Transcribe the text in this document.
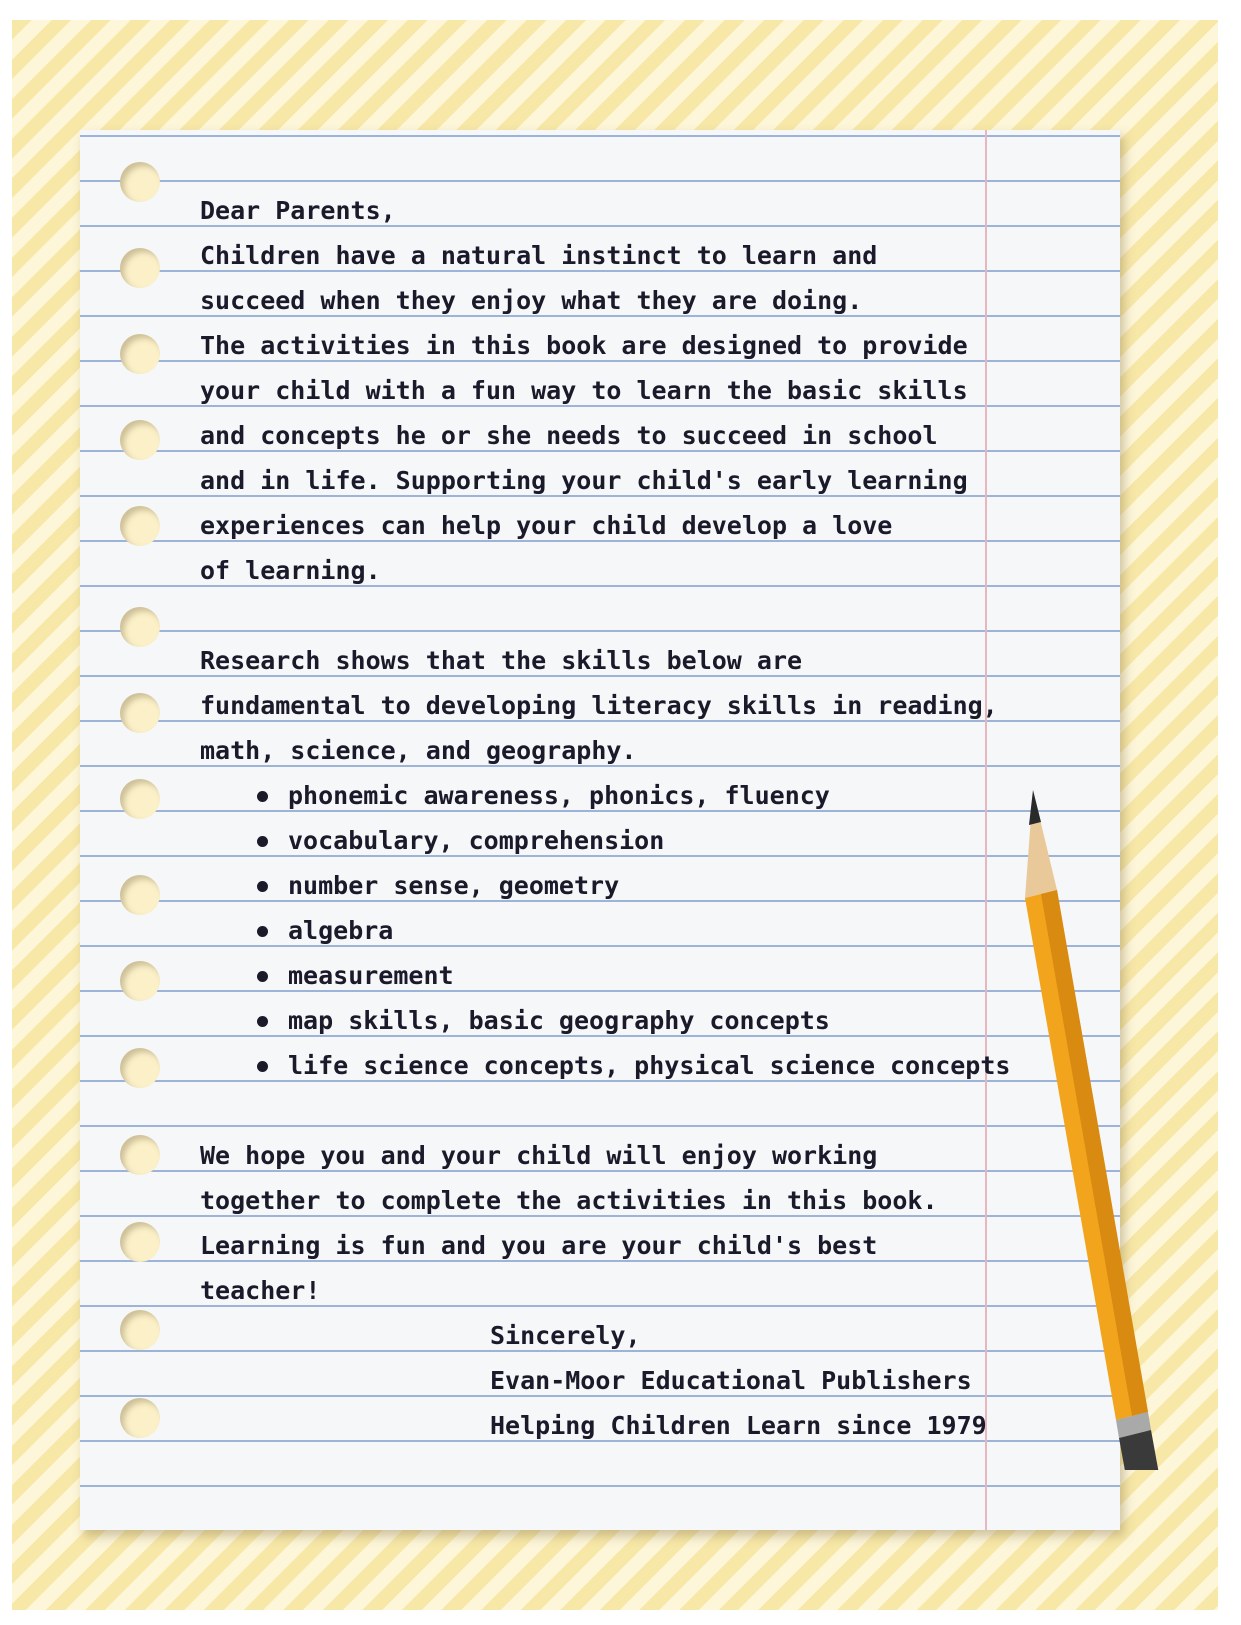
Dear Parents,
Children have a natural instinct to learn and
succeed when they enjoy what they are doing.
The activities in this book are designed to provide
your child with a fun way to learn the basic skills
and concepts he or she needs to succeed in school
and in life. Supporting your child's early learning
experiences can help your child develop a love
of learning.
Research shows that the skills below are
fundamental to developing literacy skills in reading,
math, science, and geography.
phonemic awareness, phonics, fluency
vocabulary, comprehension
number sense, geometry
algebra
measurement
map skills, basic geography concepts
life science concepts, physical science concepts
We hope you and your child will enjoy working
together to complete the activities in this book.
Learning is fun and you are your child's best
teacher!
Sincerely,
Evan-Moor Educational Publishers
Helping Children Learn since 1979
